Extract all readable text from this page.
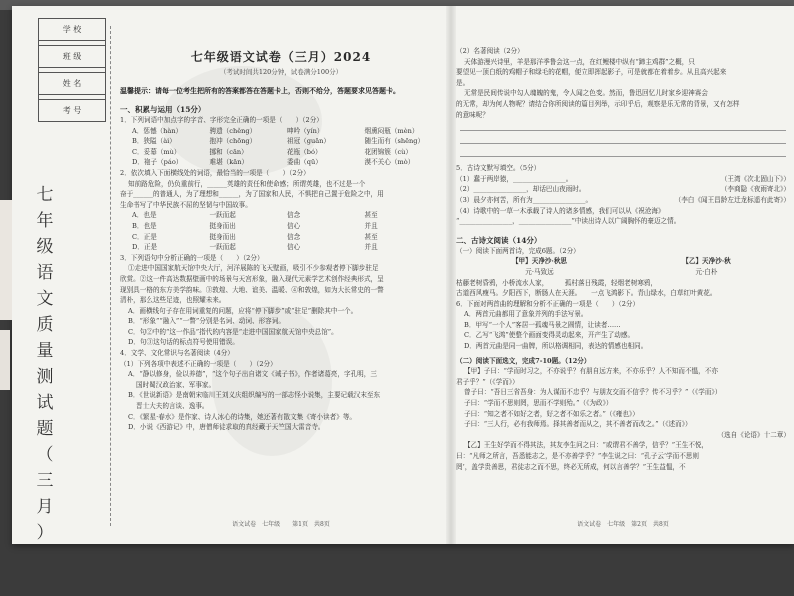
学 校

班 级

姓 名

考 号
七
年
级
语
文
质
量
测
试
题
（
三
月
）
七年级语文试卷（三月）2024
（考试时间共120分钟，试卷满分100分）
温馨提示：请每一位考生把所有的答案都答在答题卡上，否则不给分，答题要求见答题卡。
一、积累与运用（15分）
1．下列词语中加点字的字音、字形完全正确的一项是（　　）（2分）
A．惩憾（hàn）	骋遗（chěng）	呻吟（yín）	烟熏闷瓶（mèn）
B．狭隘（ài）	抱冲（chōng）	祖冠（guān）	随生而有（shēng）
C．妥幕（mù）	挪和（cān）	花瓶（bó）	花团锦簇（cù）
D．袍子（páo）	难堪（kān）	委曲（qū）	漠不关心（mò）
2．依次填入下面横线处的词语，最恰当的一项是（　　）（2分）
知前路危险，仍负重前行，______英雄的责任和使命感；所谓英雄，也不过是一个
奋于______的普通人，为了理想和______，为了国家和人民，不惧把自己置于危险之中，用
生命书写了中华民族不屈的坚韧与中国故事。
A．也是	一跃而起	信念	甚至
B．也是	挺身而出	信心	并且
C．正是	挺身而出	信念	甚至
D．正是	一跃而起	信心	并且
3．下列语句中分析正确的一项是（　　）（2分）
①走进中国国家航天馆中央大厅，河洋展陈的飞天壁画，吸引不少参观者停下脚步驻足
欣赏。②这一件高达数据壁画中的场景与天宫形象，融入现代元素学艺术创作经典形式，呈
现别具一格的东方美学韵味。③敦煌、大地、谊美、温暖、④和敦煌，如为大长常史的一瞥
清朴，那么这些足迹，也照耀未来。
A．画横线句子存在用词重复的问题，应将“停下脚步”或“驻足”删除其中一个。
B．“形象”“融入”“一瞥”分别是名词、动词、形容词。
C．句②中的“这一作品”指代的内容是“走进中国国家航天馆中央总馆”。
D．句③这句话的标点符号使用错误。
4．文学、文化常识与名著阅读（4分）
（1）下列各项中表述不正确的一项是（　　）（2分）
A．“静以修身，俭以养德”，“这个句子出自诸文《诫子书》，作者诸葛亮，字孔明，三
国时蜀汉政治家、军事家。
B．《世说新语》是南朝宋临川王刘义庆组织编写的一部志怪小说集，主要记载汉末至东
晋士大夫的言谈、逸事。
C．《繁星·春水》是作家、诗人冰心的诗集，她还著有散文集《寄小读者》等。
D．小说《西游记》中，唐僧师徒求取的真经藏于天竺国大雷音寺。
语文试卷　七年级　　第1页　共8页
（2）名著阅读（2分）
天体游漫兴诗里，羊是那洋季鲁会这一点，在红鲤楼中纵有“蹄主鸡群”之概，只
要望见一顶白纸的鸡帽子和绿毛的花帽，便立即挥起影子，可是就都在着着步。从且高兴起来
是。
无常是民间传说中勾人魂魄的鬼，令人闻之色变。然而，鲁迅回忆儿时家乡迎神赛会
的无常，却为何人物呢？请结合你所阅读的篇目列举，示印乎后，观察是乐无常的背景，又有怎样
的意味呢？
5．古诗文默写填空。（5分）
（1）蠢于两岸猿，________________。	（王湾《次北固山下》）
（2）________________，却话巴山夜雨时。	（李商隐《夜雨寄北》）
（3）晨夕亦何苦，所有为________________。	（李白《闻王昌龄左迁龙标遥有此寄》）
（4）诗歌中的一草一木承载了诗人的诸多情感，我们可以从《祝沧海》
“________________，________________”中读出诗人以广阔胸怀的豪迈之情。
二、古诗文阅读（14分）
（一）阅读下面两首诗，完成6题。（2分）
【甲】天净沙·秋思	【乙】天净沙·秋
元·马致远	元·白朴
枯藤老树昏鸦，小桥流水人家，　　　孤村落日残霞，轻烟老树寒鸦，
古道西风瘦马。夕阳西下，断肠人在天涯。　　一点飞鸿影下。青山绿水，白草红叶黄花。
6．下面对两首曲的理解和分析不正确的一项是（　　）（2分）
A．两首元曲都用了意象并列的手法写景。
B．甲写“一个人”客居一孤魂马景之圆情，让读者……
C．乙写“飞鸿”使整个画面变得灵动起来，开产生了动感。
D．两首元曲是同一曲牌，所以格调相同，表达的情感也相同。
（二）阅读下面选文，完成7-10题。（12分）
【甲】子曰：“学而时习之，不亦说乎？有朋自远方来，不亦乐乎？人不知而不愠，不亦
君子乎？”（《学而》）
曾子曰：“吾日三省吾身：为人谋而不忠乎？与朋友交而不信乎？传不习乎？”（《学而》）
子曰：“学而不思则罔，思而不学则殆。”（《为政》）
子曰：“知之者不如好之者，好之者不如乐之者。”（《雍也》）
子曰：“三人行，必有我师焉。择其善者而从之，其不善者而改之。”（《述而》）
（选自《论语》十二章）
【乙】王生好学而不得其法，其友李生问之曰：“或谓君不善学，信乎？”王生不悦，
曰：“凡师之所言，吾悉能志之，是不亦善学乎？”李生说之曰：“孔子云‘学而不思则
罔’，盖学贵善思，君徒志之而不思，终必无所成，何以言善学？”王生益愠，不
语文试卷　七年级　第2页　共8页
